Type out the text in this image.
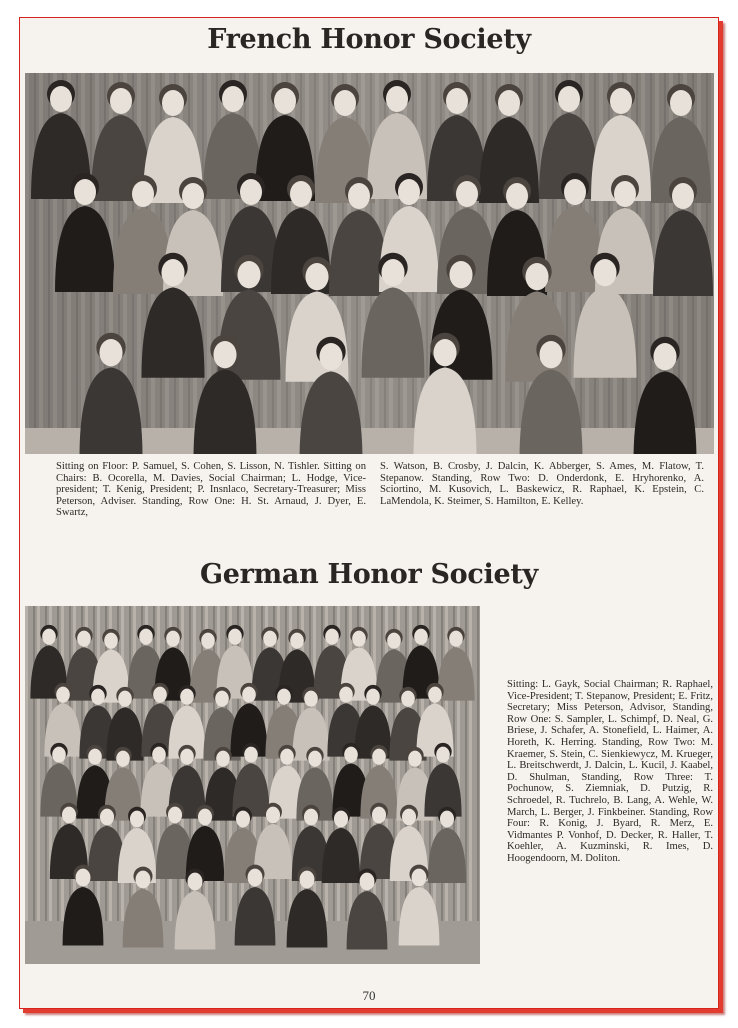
French Honor Society
Sitting on Floor: P. Samuel, S. Cohen, S. Lisson, N. Tishler. Sitting on Chairs: B. Ocorella, M. Davies, Social Chairman; L. Hodge, Vice-president; T. Kenig, President; P. Insnlaco, Secretary-Treasurer; Miss Peterson, Adviser. Standing, Row One: H. St. Arnaud, J. Dyer, E. Swartz,
S. Watson, B. Crosby, J. Dalcin, K. Abberger, S. Ames, M. Flatow, T. Stepanow. Standing, Row Two: D. Onderdonk, E. Hryhorenko, A. Sciortino, M. Kusovich, L. Baskewicz, R. Raphael, K. Epstein, C. LaMendola, K. Steimer, S. Hamilton, E. Kelley.
German Honor Society
Sitting: L. Gayk, Social Chairman; R. Raphael, Vice-President; T. Stepanow, President; E. Fritz, Secretary; Miss Peterson, Advisor, Standing, Row One: S. Sampler, L. Schimpf, D. Neal, G. Briese, J. Schafer, A. Stonefield, L. Haimer, A. Horeth, K. Herring. Standing, Row Two: M. Kraemer, S. Stein, C. Sienkiewycz, M. Krueger, L. Breitschwerdt, J. Dalcin, L. Kucil, J. Kaabel, D. Shulman, Standing, Row Three: T. Pochunow, S. Ziemniak, D. Putzig, R. Schroedel, R. Tuchrelo, B. Lang, A. Wehle, W. March, L. Berger, J. Finkbeiner. Standing, Row Four: R. Konig, J. Byard, R. Merz, E. Vidmantes P. Vonhof, D. Decker, R. Haller, T. Koehler, A. Kuzminski, R. Imes, D. Hoogendoorn, M. Doliton.
70
